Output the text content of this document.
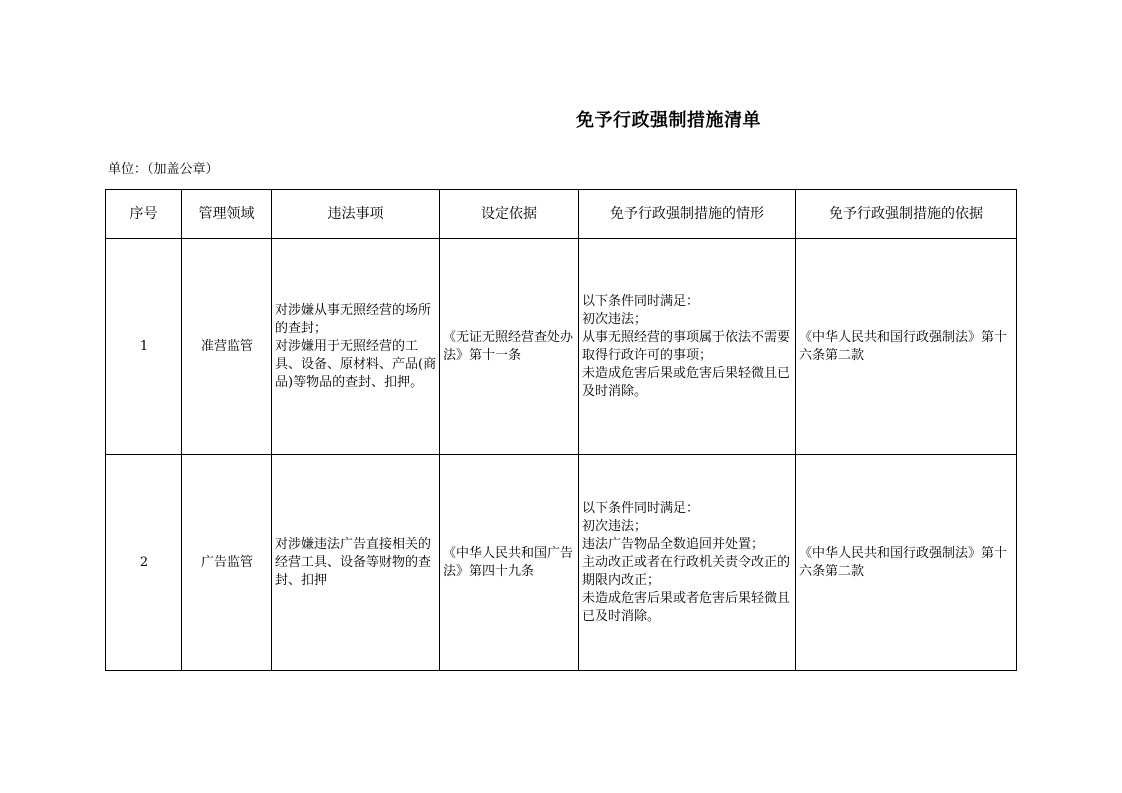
免予行政强制措施清单
单位：（加盖公章）
序号	管理领域	违法事项	设定依据	免予行政强制措施的情形	免予行政强制措施的依据
1	准营监管	对涉嫌从事无照经营的场所的查封；
对涉嫌用于无照经营的工具、设备、原材料、产品(商品)等物品的查封、扣押。	《无证无照经营查处办法》第十一条	以下条件同时满足：
初次违法；
从事无照经营的事项属于依法不需要取得行政许可的事项；
未造成危害后果或危害后果轻微且已及时消除。	《中华人民共和国行政强制法》第十六条第二款
2	广告监管	对涉嫌违法广告直接相关的经营工具、设备等财物的查封、扣押	《中华人民共和国广告法》第四十九条	以下条件同时满足：
初次违法；
违法广告物品全数追回并处置；
主动改正或者在行政机关责令改正的期限内改正；
未造成危害后果或者危害后果轻微且已及时消除。	《中华人民共和国行政强制法》第十六条第二款
